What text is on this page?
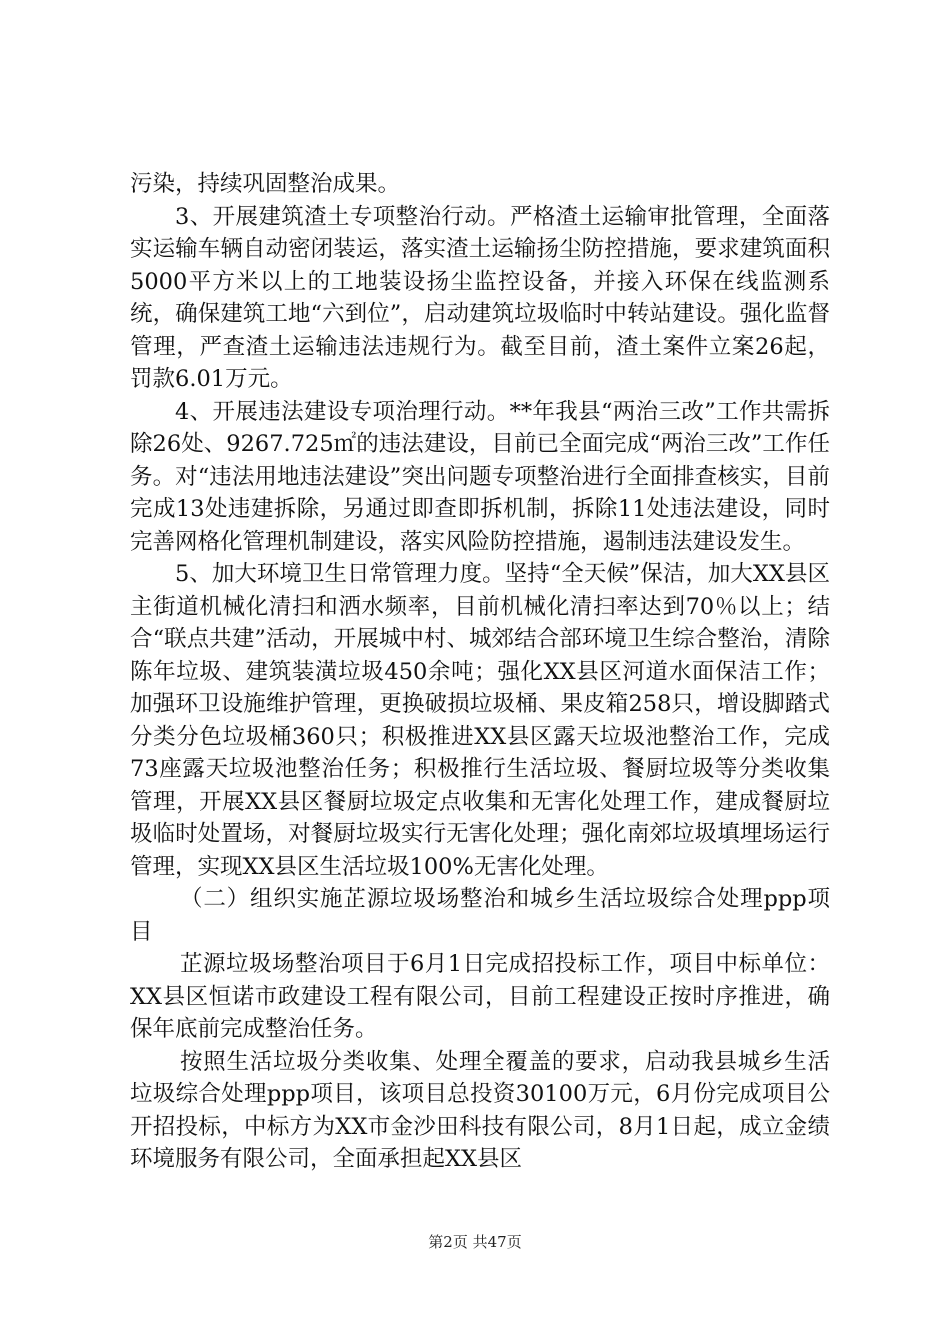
污染，持续巩固整治成果。

3、开展建筑渣土专项整治行动。严格渣土运输审批管理，全面落实运输车辆自动密闭装运，落实渣土运输扬尘防控措施，要求建筑面积5000平方米以上的工地装设扬尘监控设备，并接入环保在线监测系统，确保建筑工地“六到位”，启动建筑垃圾临时中转站建设。强化监督管理，严查渣土运输违法违规行为。截至目前，渣土案件立案26起，罚款6.01万元。

4、开展违法建设专项治理行动。**年我县“两治三改”工作共需拆除26处、9267.725㎡的违法建设，目前已全面完成“两治三改”工作任务。对“违法用地违法建设”突出问题专项整治进行全面排查核实，目前完成13处违建拆除，另通过即查即拆机制，拆除11处违法建设，同时完善网格化管理机制建设，落实风险防控措施，遏制违法建设发生。

5、加大环境卫生日常管理力度。坚持“全天候”保洁，加大XX县区主街道机械化清扫和洒水频率，目前机械化清扫率达到70％以上；结合“联点共建”活动，开展城中村、城郊结合部环境卫生综合整治，清除陈年垃圾、建筑装潢垃圾450余吨；强化XX县区河道水面保洁工作；加强环卫设施维护管理，更换破损垃圾桶、果皮箱258只，增设脚踏式分类分色垃圾桶360只；积极推进XX县区露天垃圾池整治工作，完成73座露天垃圾池整治任务；积极推行生活垃圾、餐厨垃圾等分类收集管理，开展XX县区餐厨垃圾定点收集和无害化处理工作，建成餐厨垃圾临时处置场，对餐厨垃圾实行无害化处理；强化南郊垃圾填埋场运行管理，实现XX县区生活垃圾100%无害化处理。

（二）组织实施芷源垃圾场整治和城乡生活垃圾综合处理ppp项目

芷源垃圾场整治项目于6月1日完成招投标工作，项目中标单位：XX县区恒诺市政建设工程有限公司，目前工程建设正按时序推进，确保年底前完成整治任务。

按照生活垃圾分类收集、处理全覆盖的要求，启动我县城乡生活垃圾综合处理ppp项目，该项目总投资30100万元，6月份完成项目公开招投标，中标方为XX市金沙田科技有限公司，8月1日起，成立金绩环境服务有限公司，全面承担起XX县区

第2页 共47页
